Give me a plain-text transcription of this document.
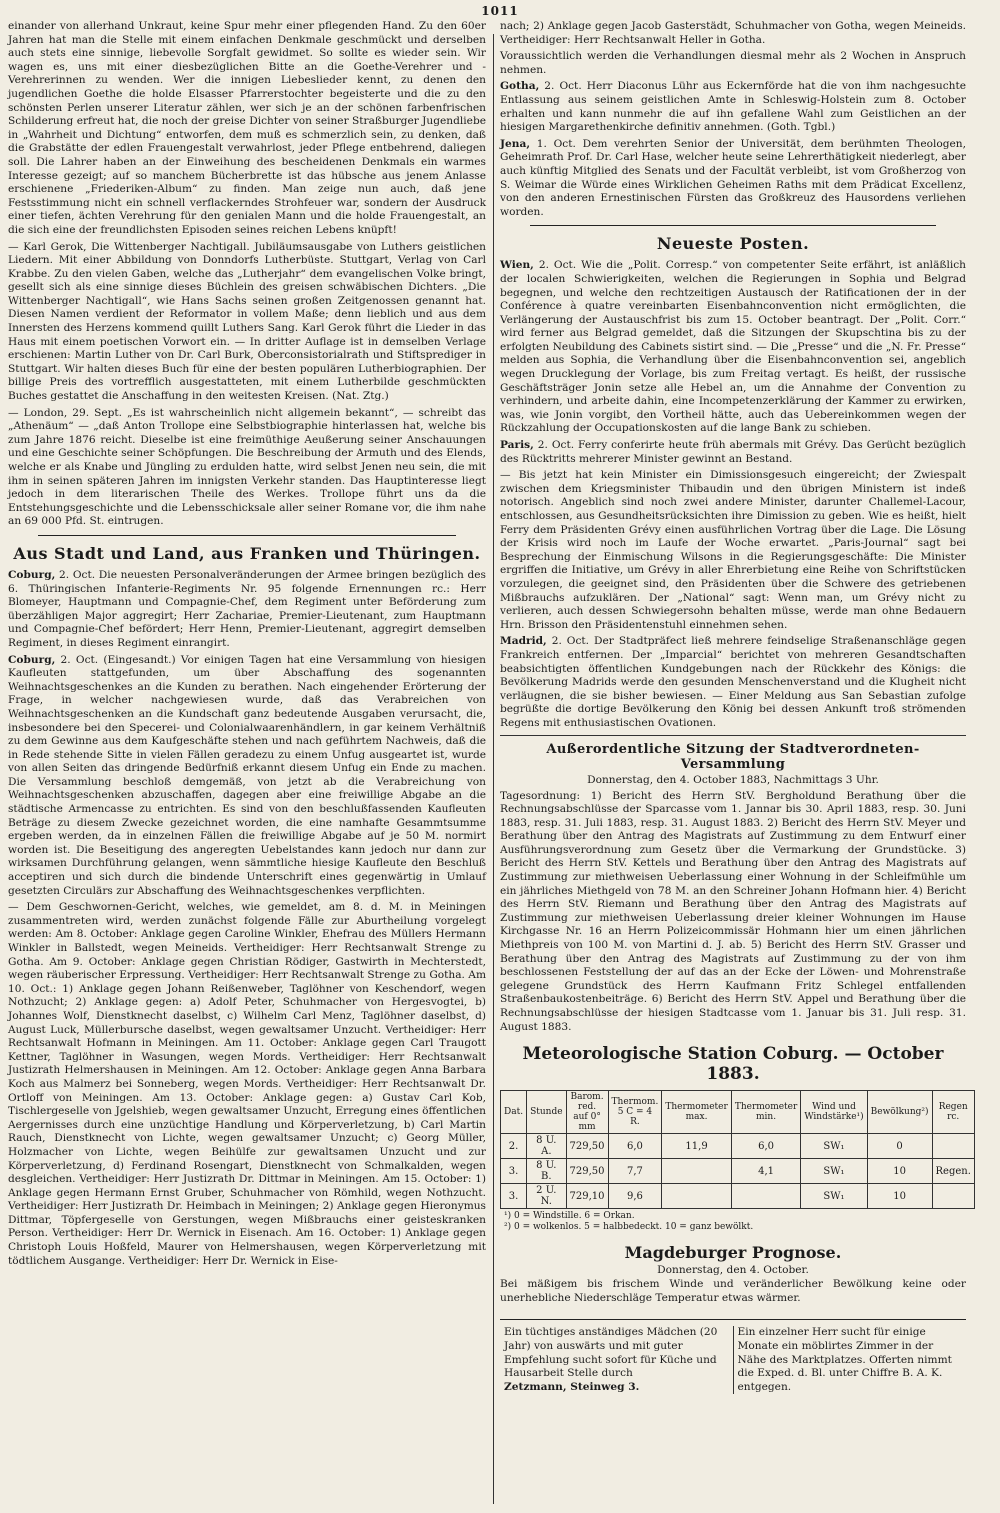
1011

einander von allerhand Unkraut, keine Spur mehr einer pflegenden Hand. Zu den 60er Jahren hat man die Stelle mit einem einfachen Denkmale geschmückt und derselben auch stets eine sinnige, liebevolle Sorgfalt gewidmet. So sollte es wieder sein. Wir wagen es, uns mit einer diesbezüglichen Bitte an die Goethe-Verehrer und -Verehrerinnen zu wenden. Wer die innigen Liebeslieder kennt, zu denen den jugendlichen Goethe die holde Elsasser Pfarrerstochter begeisterte und die zu den schönsten Perlen unserer Literatur zählen, wer sich je an der schönen farbenfrischen Schilderung erfreut hat, die noch der greise Dichter von seiner Straßburger Jugendliebe in „Wahrheit und Dichtung“ entworfen, dem muß es schmerzlich sein, zu denken, daß die Grabstätte der edlen Frauengestalt verwahrlost, jeder Pflege entbehrend, daliegen soll. Die Lahrer haben an der Einweihung des bescheidenen Denkmals ein warmes Interesse gezeigt; auf so manchem Bücherbrette ist das hübsche aus jenem Anlasse erschienene „Friederiken-Album“ zu finden. Man zeige nun auch, daß jene Festsstimmung nicht ein schnell verflackerndes Strohfeuer war, sondern der Ausdruck einer tiefen, ächten Verehrung für den genialen Mann und die holde Frauengestalt, an die sich eine der freundlichsten Episoden seines reichen Lebens knüpft!

— Karl Gerok, Die Wittenberger Nachtigall. Jubiläumsausgabe von Luthers geistlichen Liedern. Mit einer Abbildung von Donndorfs Lutherbüste. Stuttgart, Verlag von Carl Krabbe. Zu den vielen Gaben, welche das „Lutherjahr“ dem evangelischen Volke bringt, gesellt sich als eine sinnige dieses Büchlein des greisen schwäbischen Dichters. „Die Wittenberger Nachtigall“, wie Hans Sachs seinen großen Zeitgenossen genannt hat. Diesen Namen verdient der Reformator in vollem Maße; denn lieblich und aus dem Innersten des Herzens kommend quillt Luthers Sang. Karl Gerok führt die Lieder in das Haus mit einem poetischen Vorwort ein. — In dritter Auflage ist in demselben Verlage erschienen: Martin Luther von Dr. Carl Burk, Oberconsistorialrath und Stiftsprediger in Stuttgart. Wir halten dieses Buch für eine der besten populären Lutherbiographien. Der billige Preis des vortrefflich ausgestatteten, mit einem Lutherbilde geschmückten Buches gestattet die Anschaffung in den weitesten Kreisen. (Nat. Ztg.)

— London, 29. Sept. „Es ist wahrscheinlich nicht allgemein bekannt“, — schreibt das „Athenäum“ — „daß Anton Trollope eine Selbstbiographie hinterlassen hat, welche bis zum Jahre 1876 reicht. Dieselbe ist eine freimüthige Aeußerung seiner Anschauungen und eine Geschichte seiner Schöpfungen. Die Beschreibung der Armuth und des Elends, welche er als Knabe und Jüngling zu erdulden hatte, wird selbst Jenen neu sein, die mit ihm in seinen späteren Jahren im innigsten Verkehr standen. Das Hauptinteresse liegt jedoch in dem literarischen Theile des Werkes. Trollope führt uns da die Entstehungsgeschichte und die Lebensschicksale aller seiner Romane vor, die ihm nahe an 69 000 Pfd. St. eintrugen.

Aus Stadt und Land, aus Franken und Thüringen.

Coburg, 2. Oct. Die neuesten Personalveränderungen der Armee bringen bezüglich des 6. Thüringischen Infanterie-Regiments Nr. 95 folgende Ernennungen rc.: Herr Blomeyer, Hauptmann und Compagnie-Chef, dem Regiment unter Beförderung zum überzähligen Major aggregirt; Herr Zachariae, Premier-Lieutenant, zum Hauptmann und Compagnie-Chef befördert; Herr Henn, Premier-Lieutenant, aggregirt demselben Regiment, in dieses Regiment einrangirt.

Coburg, 2. Oct. (Eingesandt.) Vor einigen Tagen hat eine Versammlung von hiesigen Kaufleuten stattgefunden, um über Abschaffung des sogenannten Weihnachtsgeschenkes an die Kunden zu berathen. Nach eingehender Erörterung der Frage, in welcher nachgewiesen wurde, daß das Verabreichen von Weihnachtsgeschenken an die Kundschaft ganz bedeutende Ausgaben verursacht, die, insbesondere bei den Specerei- und Colonialwaarenhändlern, in gar keinem Verhältniß zu dem Gewinne aus dem Kaufgeschäfte stehen und nach geführtem Nachweis, daß die in Rede stehende Sitte in vielen Fällen geradezu zu einem Unfug ausgeartet ist, wurde von allen Seiten das dringende Bedürfniß erkannt diesem Unfug ein Ende zu machen. Die Versammlung beschloß demgemäß, von jetzt ab die Verabreichung von Weihnachtsgeschenken abzuschaffen, dagegen aber eine freiwillige Abgabe an die städtische Armencasse zu entrichten. Es sind von den beschlußfassenden Kaufleuten Beträge zu diesem Zwecke gezeichnet worden, die eine namhafte Gesammtsumme ergeben werden, da in einzelnen Fällen die freiwillige Abgabe auf je 50 M. normirt worden ist. Die Beseitigung des angeregten Uebelstandes kann jedoch nur dann zur wirksamen Durchführung gelangen, wenn sämmtliche hiesige Kaufleute den Beschluß acceptiren und sich durch die bindende Unterschrift eines gegenwärtig in Umlauf gesetzten Circulärs zur Abschaffung des Weihnachtsgeschenkes verpflichten.

— Dem Geschwornen-Gericht, welches, wie gemeldet, am 8. d. M. in Meiningen zusammentreten wird, werden zunächst folgende Fälle zur Aburtheilung vorgelegt werden: Am 8. October: Anklage gegen Caroline Winkler, Ehefrau des Müllers Hermann Winkler in Ballstedt, wegen Meineids. Vertheidiger: Herr Rechtsanwalt Strenge zu Gotha. Am 9. October: Anklage gegen Christian Rödiger, Gastwirth in Mechterstedt, wegen räuberischer Erpressung. Vertheidiger: Herr Rechtsanwalt Strenge zu Gotha. Am 10. Oct.: 1) Anklage gegen Johann Reißenweber, Taglöhner von Keschendorf, wegen Nothzucht; 2) Anklage gegen: a) Adolf Peter, Schuhmacher von Hergesvogtei, b) Johannes Wolf, Dienstknecht daselbst, c) Wilhelm Carl Menz, Taglöhner daselbst, d) August Luck, Müllerbursche daselbst, wegen gewaltsamer Unzucht. Vertheidiger: Herr Rechtsanwalt Hofmann in Meiningen. Am 11. October: Anklage gegen Carl Traugott Kettner, Taglöhner in Wasungen, wegen Mords. Vertheidiger: Herr Rechtsanwalt Justizrath Helmershausen in Meiningen. Am 12. October: Anklage gegen Anna Barbara Koch aus Malmerz bei Sonneberg, wegen Mords. Vertheidiger: Herr Rechtsanwalt Dr. Ortloff von Meiningen. Am 13. October: Anklage gegen: a) Gustav Carl Kob, Tischlergeselle von Jgelshieb, wegen gewaltsamer Unzucht, Erregung eines öffentlichen Aergernisses durch eine unzüchtige Handlung und Körperverletzung, b) Carl Martin Rauch, Dienstknecht von Lichte, wegen gewaltsamer Unzucht; c) Georg Müller, Holzmacher von Lichte, wegen Beihülfe zur gewaltsamen Unzucht und zur Körperverletzung, d) Ferdinand Rosengart, Dienstknecht von Schmalkalden, wegen desgleichen. Vertheidiger: Herr Justizrath Dr. Dittmar in Meiningen. Am 15. October: 1) Anklage gegen Hermann Ernst Gruber, Schuhmacher von Römhild, wegen Nothzucht. Vertheidiger: Herr Justizrath Dr. Heimbach in Meiningen; 2) Anklage gegen Hieronymus Dittmar, Töpfergeselle von Gerstungen, wegen Mißbrauchs einer geisteskranken Person. Vertheidiger: Herr Dr. Wernick in Eisenach. Am 16. October: 1) Anklage gegen Christoph Louis Hoßfeld, Maurer von Helmershausen, wegen Körperverletzung mit tödtlichem Ausgange. Vertheidiger: Herr Dr. Wernick in Eise-

nach; 2) Anklage gegen Jacob Gasterstädt, Schuhmacher von Gotha, wegen Meineids. Vertheidiger: Herr Rechtsanwalt Heller in Gotha.

Voraussichtlich werden die Verhandlungen diesmal mehr als 2 Wochen in Anspruch nehmen.

Gotha, 2. Oct. Herr Diaconus Lühr aus Eckernförde hat die von ihm nachgesuchte Entlassung aus seinem geistlichen Amte in Schleswig-Holstein zum 8. October erhalten und kann nunmehr die auf ihn gefallene Wahl zum Geistlichen an der hiesigen Margarethenkirche definitiv annehmen. (Goth. Tgbl.)

Jena, 1. Oct. Dem verehrten Senior der Universität, dem berühmten Theologen, Geheimrath Prof. Dr. Carl Hase, welcher heute seine Lehrerthätigkeit niederlegt, aber auch künftig Mitglied des Senats und der Facultät verbleibt, ist vom Großherzog von S. Weimar die Würde eines Wirklichen Geheimen Raths mit dem Prädicat Excellenz, von den anderen Ernestinischen Fürsten das Großkreuz des Hausordens verliehen worden.

Neueste Posten.

Wien, 2. Oct. Wie die „Polit. Corresp.“ von competenter Seite erfährt, ist anläßlich der localen Schwierigkeiten, welchen die Regierungen in Sophia und Belgrad begegnen, und welche den rechtzeitigen Austausch der Ratificationen der in der Conférence à quatre vereinbarten Eisenbahnconvention nicht ermöglichten, die Verlängerung der Austauschfrist bis zum 15. October beantragt. Der „Polit. Corr.“ wird ferner aus Belgrad gemeldet, daß die Sitzungen der Skupschtina bis zu der erfolgten Neubildung des Cabinets sistirt sind. — Die „Presse“ und die „N. Fr. Presse“ melden aus Sophia, die Verhandlung über die Eisenbahnconvention sei, angeblich wegen Drucklegung der Vorlage, bis zum Freitag vertagt. Es heißt, der russische Geschäftsträger Jonin setze alle Hebel an, um die Annahme der Convention zu verhindern, und arbeite dahin, eine Incompetenzerklärung der Kammer zu erwirken, was, wie Jonin vorgibt, den Vortheil hätte, auch das Uebereinkommen wegen der Rückzahlung der Occupationskosten auf die lange Bank zu schieben.

Paris, 2. Oct. Ferry conferirte heute früh abermals mit Grévy. Das Gerücht bezüglich des Rücktritts mehrerer Minister gewinnt an Bestand.

— Bis jetzt hat kein Minister ein Dimissionsgesuch eingereicht; der Zwiespalt zwischen dem Kriegsminister Thibaudin und den übrigen Ministern ist indeß notorisch. Angeblich sind noch zwei andere Minister, darunter Challemel-Lacour, entschlossen, aus Gesundheitsrücksichten ihre Dimission zu geben. Wie es heißt, hielt Ferry dem Präsidenten Grévy einen ausführlichen Vortrag über die Lage. Die Lösung der Krisis wird noch im Laufe der Woche erwartet. „Paris-Journal“ sagt bei Besprechung der Einmischung Wilsons in die Regierungsgeschäfte: Die Minister ergriffen die Initiative, um Grévy in aller Ehrerbietung eine Reihe von Schriftstücken vorzulegen, die geeignet sind, den Präsidenten über die Schwere des getriebenen Mißbrauchs aufzuklären. Der „National“ sagt: Wenn man, um Grévy nicht zu verlieren, auch dessen Schwiegersohn behalten müsse, werde man ohne Bedauern Hrn. Brisson den Präsidentenstuhl einnehmen sehen.

Madrid, 2. Oct. Der Stadtpräfect ließ mehrere feindselige Straßenanschläge gegen Frankreich entfernen. Der „Imparcial“ berichtet von mehreren Gesandtschaften beabsichtigten öffentlichen Kundgebungen nach der Rückkehr des Königs: die Bevölkerung Madrids werde den gesunden Menschenverstand und die Klugheit nicht verläugnen, die sie bisher bewiesen. — Einer Meldung aus San Sebastian zufolge begrüßte die dortige Bevölkerung den König bei dessen Ankunft troß strömenden Regens mit enthusiastischen Ovationen.

Außerordentliche Sitzung der Stadtverordneten-Versammlung
Donnerstag, den 4. October 1883, Nachmittags 3 Uhr.

Tagesordnung: 1) Bericht des Herrn StV. Bergholdund Berathung über die Rechnungsabschlüsse der Sparcasse vom 1. Jannar bis 30. April 1883, resp. 30. Juni 1883, resp. 31. Juli 1883, resp. 31. August 1883. 2) Bericht des Herrn StV. Meyer und Berathung über den Antrag des Magistrats auf Zustimmung zu dem Entwurf einer Ausführungsverordnung zum Gesetz über die Vermarkung der Grundstücke. 3) Bericht des Herrn StV. Kettels und Berathung über den Antrag des Magistrats auf Zustimmung zur miethweisen Ueberlassung einer Wohnung in der Schleifmühle um ein jährliches Miethgeld von 78 M. an den Schreiner Johann Hofmann hier. 4) Bericht des Herrn StV. Riemann und Berathung über den Antrag des Magistrats auf Zustimmung zur miethweisen Ueberlassung dreier kleiner Wohnungen im Hause Kirchgasse Nr. 16 an Herrn Polizeicommissär Hohmann hier um einen jährlichen Miethpreis von 100 M. von Martini d. J. ab. 5) Bericht des Herrn StV. Grasser und Berathung über den Antrag des Magistrats auf Zustimmung zu der von ihm beschlossenen Feststellung der auf das an der Ecke der Löwen- und Mohrenstraße gelegene Grundstück des Herrn Kaufmann Fritz Schlegel entfallenden Straßenbaukostenbeiträge. 6) Bericht des Herrn StV. Appel und Berathung über die Rechnungsabschlüsse der hiesigen Stadtcasse vom 1. Januar bis 31. Juli resp. 31. August 1883.

Meteorologische Station Coburg. — October 1883.
Dat.	Stunde	Barom. red. auf 0° mm	Thermom. 5 C = 4 R.	Thermometer max.	Thermometer min.	Wind und Windstärke¹)	Bewölkung²)	Regen rc.
2.	8 U. A.	729,50	6,0	11,9	6,0	SW₁	0	
3.	8 U. B.	729,50	7,7		4,1	SW₁	10	Regen.
3.	2 U. N.	729,10	9,6			SW₁	10	
¹) 0 = Windstille. 6 = Orkan.
²) 0 = wolkenlos. 5 = halbbedeckt. 10 = ganz bewölkt.
Magdeburger Prognose.
Donnerstag, den 4. October.

Bei mäßigem bis frischem Winde und veränderlicher Bewölkung keine oder unerhebliche Niederschläge Temperatur etwas wärmer.

Ein tüchtiges anständiges Mädchen (20 Jahr) von auswärts und mit guter Empfehlung sucht sofort für Küche und Hausarbeit Stelle durch
Zetzmann, Steinweg 3.
Ein einzelner Herr sucht für einige Monate ein möblirtes Zimmer in der Nähe des Marktplatzes. Offerten nimmt die Exped. d. Bl. unter Chiffre B. A. K. entgegen.
